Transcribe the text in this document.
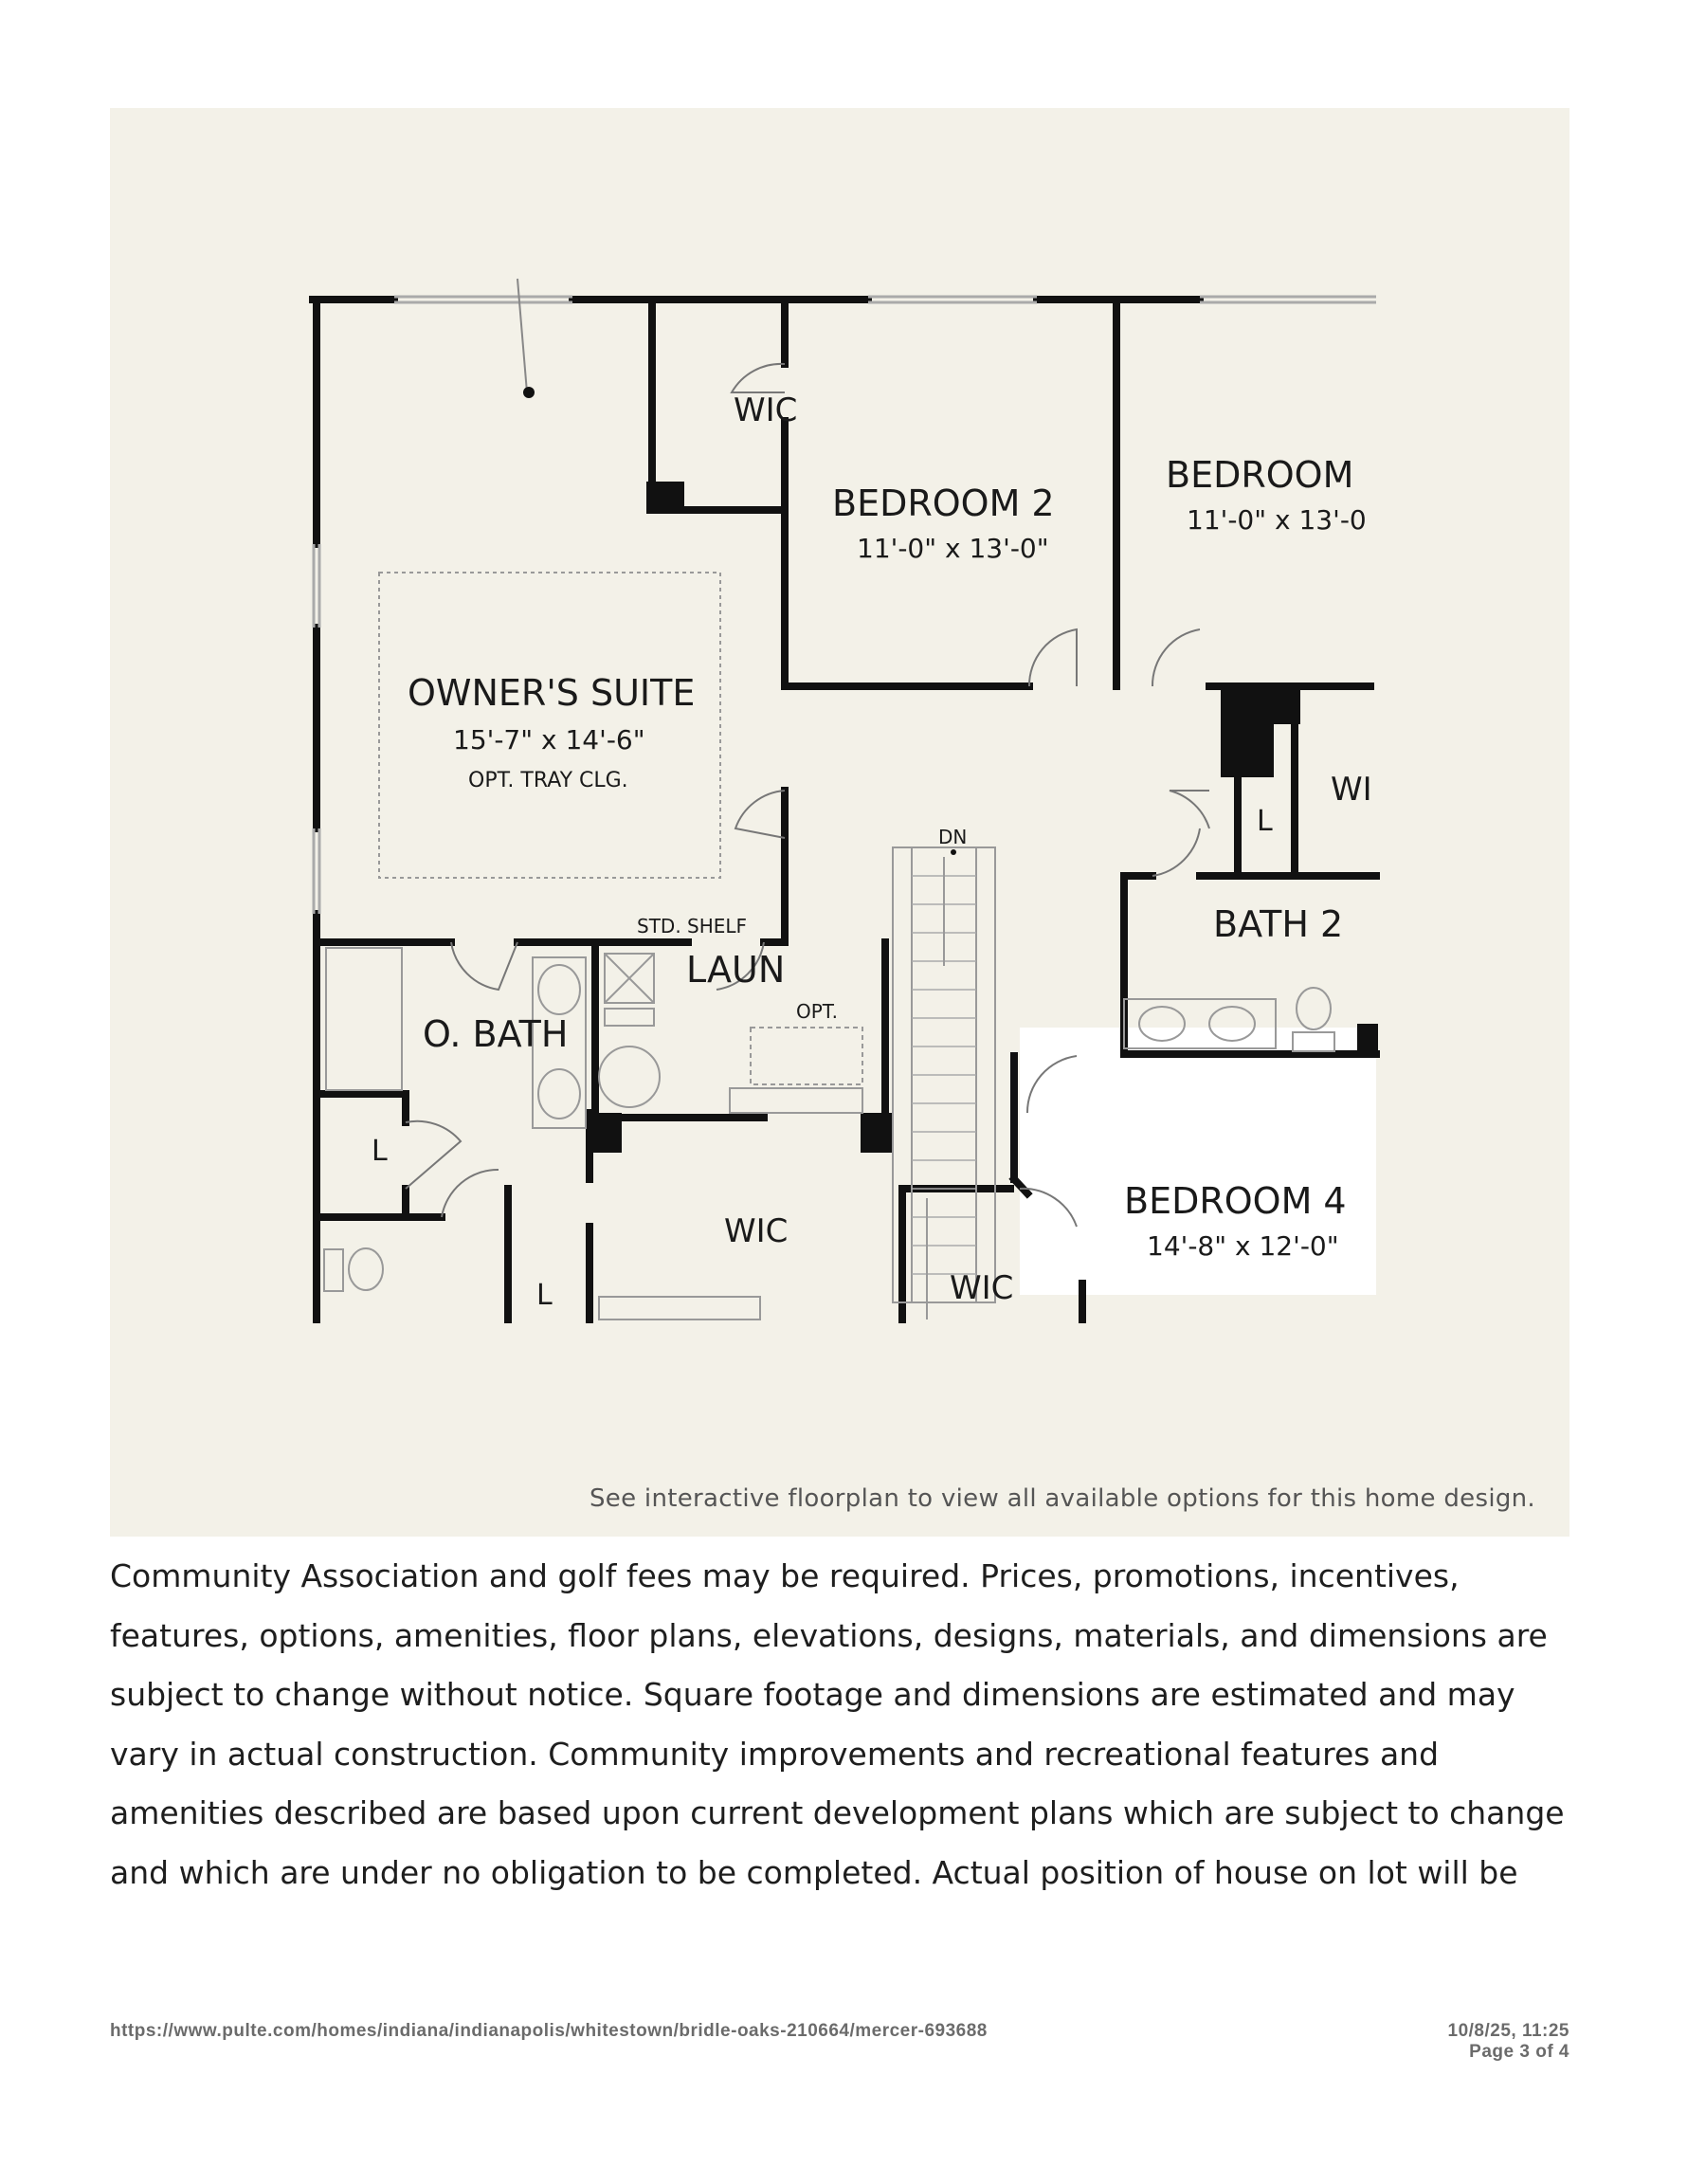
WIC
BEDROOM 2
11'-0" x 13'-0"
BEDROOM
11'-0" x 13'-0
OWNER'S SUITE
15'-7" x 14'-6"
OPT. TRAY CLG.
DN
WI
L
BATH 2
STD. SHELF
LAUN
OPT.
O. BATH
L
WIC
L	WIC
BEDROOM 4
14'-8" x 12'-0"
See interactive floorplan to view all available options for this home design.

Community Association and golf fees may be required. Prices, promotions, incentives,

features, options, amenities, floor plans, elevations, designs, materials, and dimensions are

subject to change without notice. Square footage and dimensions are estimated and may

vary in actual construction. Community improvements and recreational features and

amenities described are based upon current development plans which are subject to change

and which are under no obligation to be completed. Actual position of house on lot will be

https://www.pulte.com/homes/indiana/indianapolis/whitestown/bridle-oaks-210664/mercer-693688	10/8/25, 11:25
Page 3 of 4
